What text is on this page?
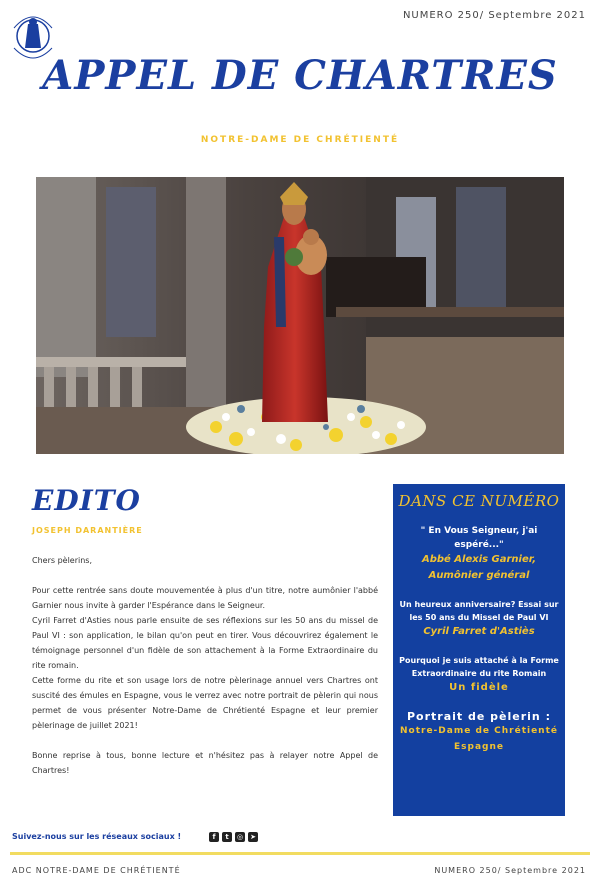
NUMERO 250/ Septembre 2021
APPEL DE CHARTRES
NOTRE-DAME DE CHRÉTIENTÉ
EDITO
JOSEPH DARANTIÈRE

Chers pèlerins,

Pour cette rentrée sans doute mouvementée à plus d'un titre, notre aumônier l'abbé Garnier nous invite à garder l'Espérance dans le Seigneur.

Cyril Farret d'Asties nous parle ensuite de ses réflexions sur les 50 ans du missel de Paul VI : son application, le bilan qu'on peut en tirer. Vous découvrirez également le témoignage personnel d'un fidèle de son attachement à la Forme Extraordinaire du rite romain.

Cette forme du rite et son usage lors de notre pèlerinage annuel vers Chartres ont suscité des émules en Espagne, vous le verrez avec notre portrait de pèlerin qui nous permet de vous présenter Notre-Dame de Chrétienté Espagne et leur premier pèlerinage de juillet 2021!

Bonne reprise à tous, bonne lecture et n'hésitez pas à relayer notre Appel de Chartres!

DANS CE NUMÉRO
" En Vous Seigneur, j'ai espéré..."
Abbé Alexis Garnier, Aumônier général
Un heureux anniversaire? Essai sur les 50 ans du Missel de Paul VI
Cyril Farret d'Astiès
Pourquoi je suis attaché à la Forme Extraordinaire du rite Romain
Un fidèle
Portrait de pèlerin :
Notre-Dame de Chrétienté Espagne
Suivez-nous sur les réseaux sociaux !	f	t	◎ ➤
ADC NOTRE-DAME DE CHRÉTIENTÉ	NUMERO 250/ Septembre 2021
